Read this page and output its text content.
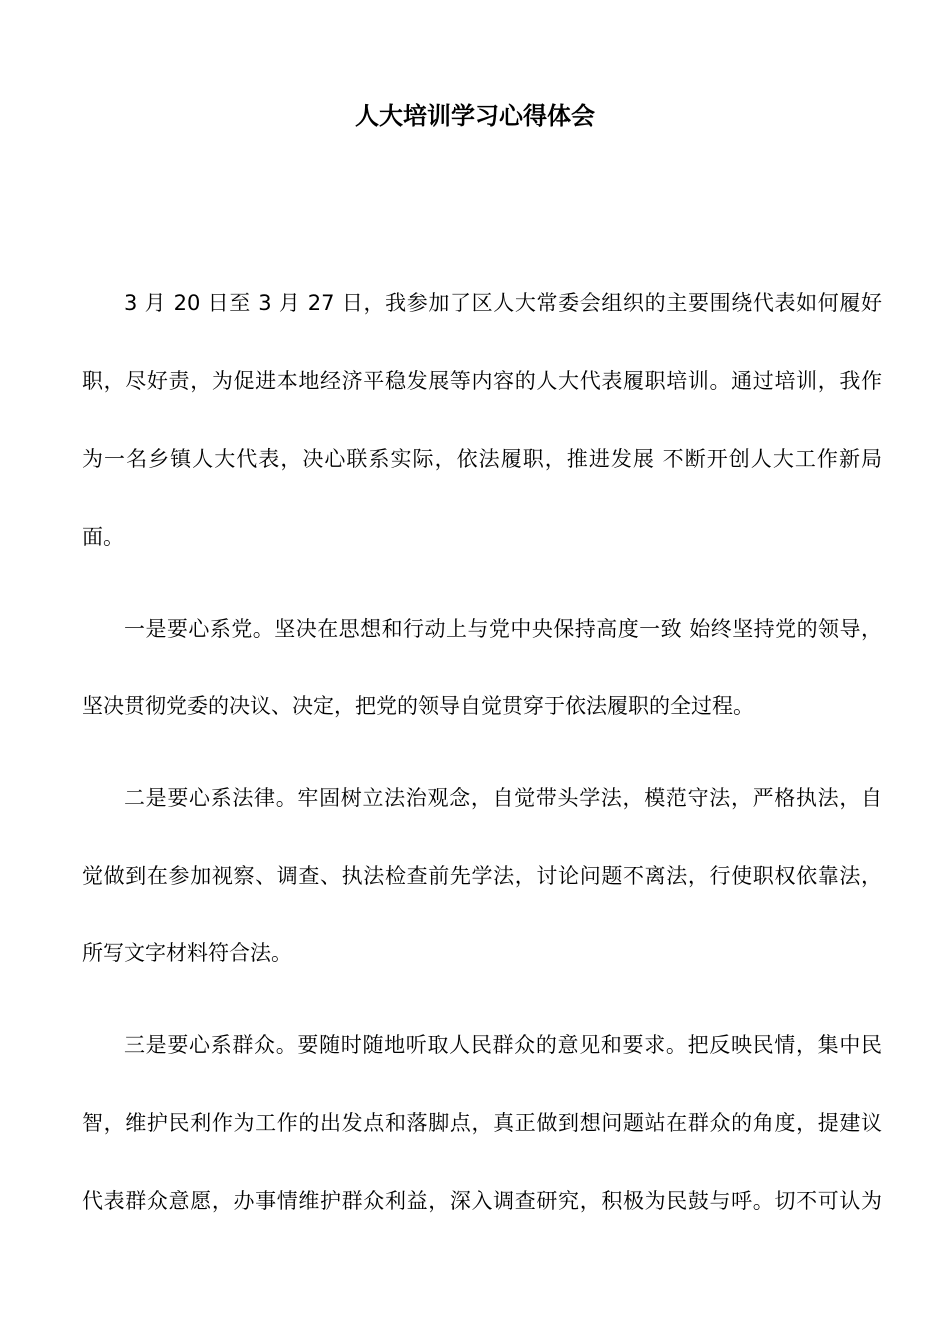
人大培训学习心得体会
3 月 20 日至 3 月 27 日，我参加了区人大常委会组织的主要围绕代表如何履好
职，尽好责，为促进本地经济平稳发展等内容的人大代表履职培训。通过培训，我作
为一名乡镇人大代表，决心联系实际，依法履职，推进发展 不断开创人大工作新局
面。
一是要心系党。坚决在思想和行动上与党中央保持高度一致 始终坚持党的领导，
坚决贯彻党委的决议、决定，把党的领导自觉贯穿于依法履职的全过程。
二是要心系法律。牢固树立法治观念，自觉带头学法，模范守法，严格执法，自
觉做到在参加视察、调查、执法检查前先学法，讨论问题不离法，行使职权依靠法，
所写文字材料符合法。
三是要心系群众。要随时随地听取人民群众的意见和要求。把反映民情，集中民
智，维护民利作为工作的出发点和落脚点，真正做到想问题站在群众的角度，提建议
代表群众意愿，办事情维护群众利益，深入调查研究，积极为民鼓与呼。切不可认为
